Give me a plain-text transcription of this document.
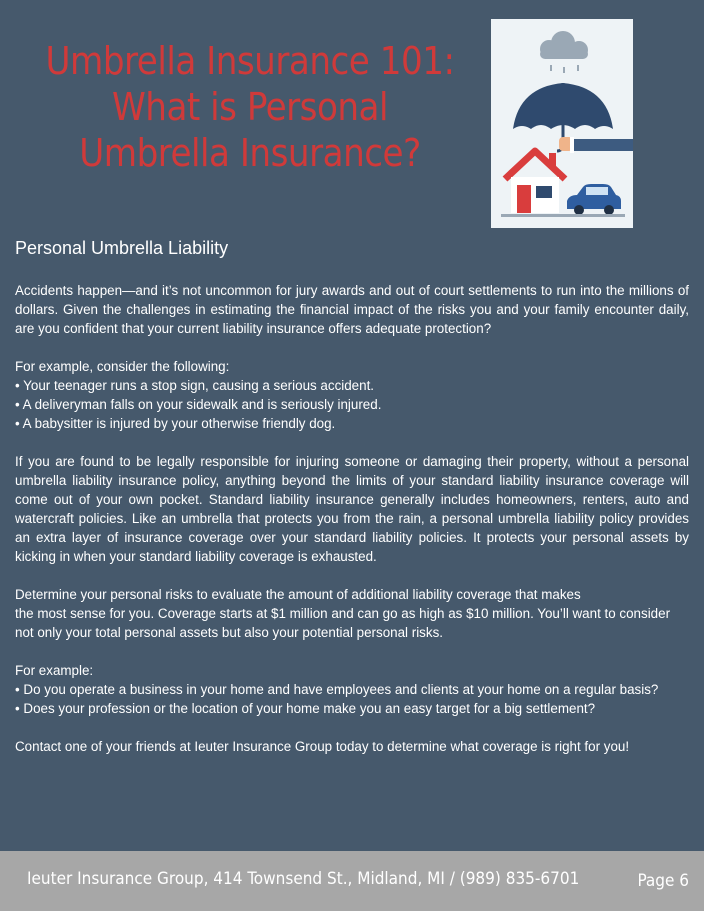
Umbrella Insurance 101:
What is Personal
Umbrella Insurance?
Personal Umbrella Liability

Accidents happen—and it’s not uncommon for jury awards and out of court settlements to run into the millions of dollars. Given the challenges in estimating the financial impact of the risks you and your family encounter daily, are you confident that your current liability insurance offers adequate protection?

For example, consider the following:
• Your teenager runs a stop sign, causing a serious accident.
• A deliveryman falls on your sidewalk and is seriously injured.
• A babysitter is injured by your otherwise friendly dog.

If you are found to be legally responsible for injuring someone or damaging their property, without a personal umbrella liability insurance policy, anything beyond the limits of your standard liability insurance coverage will come out of your own pocket. Standard liability insurance generally includes homeowners, renters, auto and watercraft policies. Like an umbrella that protects you from the rain, a personal umbrella liability policy provides an extra layer of insurance coverage over your standard liability policies. It protects your personal assets by kicking in when your standard liability coverage is exhausted.

Determine your personal risks to evaluate the amount of additional liability coverage that makes
the most sense for you. Coverage starts at $1 million and can go as high as $10 million. You’ll want to consider not only your total personal assets but also your potential personal risks.

For example:
• Do you operate a business in your home and have employees and clients at your home on a regular basis?
• Does your profession or the location of your home make you an easy target for a big settlement?

Contact one of your friends at Ieuter Insurance Group today to determine what coverage is right for you!

Ieuter Insurance Group, 414 Townsend St., Midland, MI / (989) 835-6701	Page 6
